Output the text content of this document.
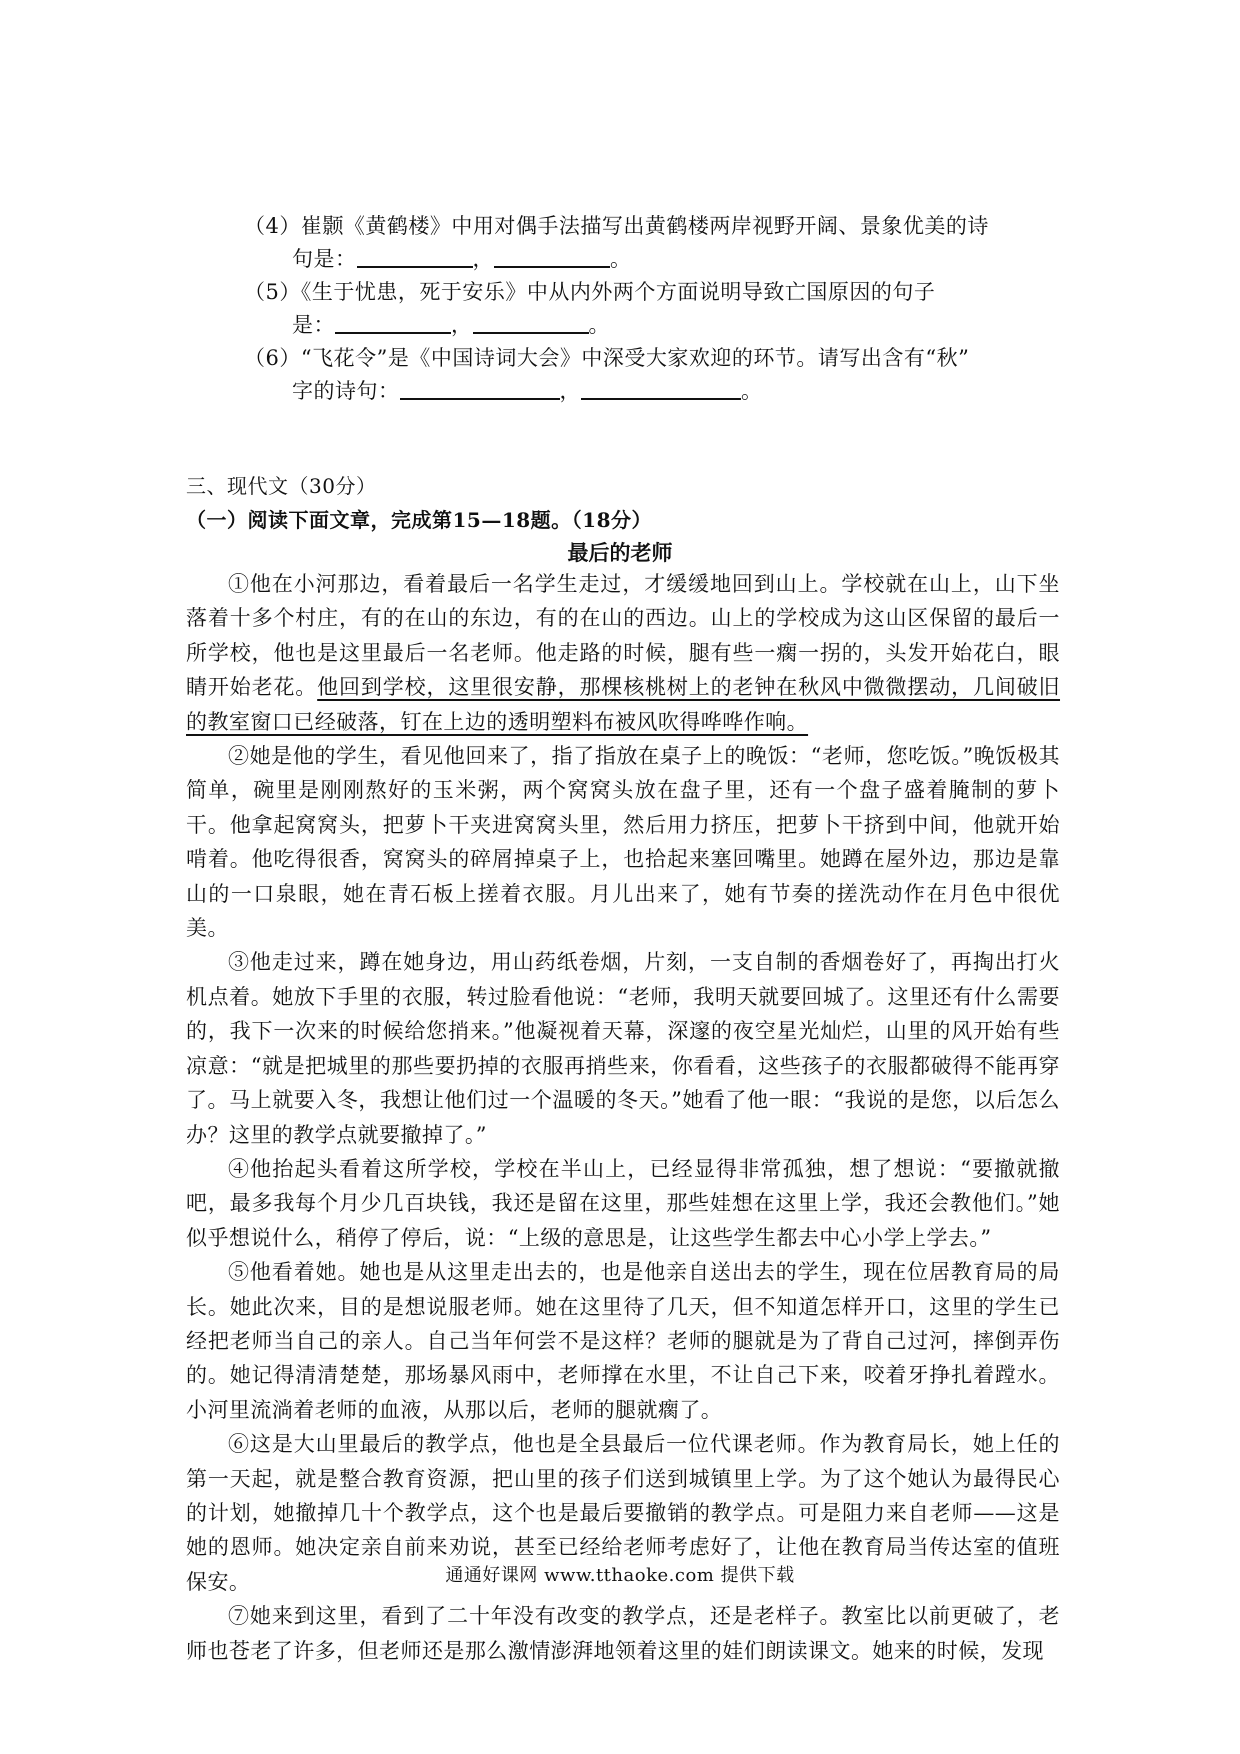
（4）崔颢《黄鹤楼》中用对偶手法描写出黄鹤楼两岸视野开阔、景象优美的诗
句是：	，	。
（5）《生于忧患，死于安乐》中从内外两个方面说明导致亡国原因的句子
是：	，	。
（6）“飞花令”是《中国诗词大会》中深受大家欢迎的环节。请写出含有“秋”
字的诗句：	，	。
三、现代文（30分）
（一）阅读下面文章，完成第15—18题。（18分）
最后的老师

①他在小河那边，看着最后一名学生走过，才缓缓地回到山上。学校就在山上，山下坐落着十多个村庄，有的在山的东边，有的在山的西边。山上的学校成为这山区保留的最后一所学校，他也是这里最后一名老师。他走路的时候，腿有些一瘸一拐的，头发开始花白，眼睛开始老花。他回到学校，这里很安静，那棵核桃树上的老钟在秋风中微微摆动，几间破旧的教室窗口已经破落，钉在上边的透明塑料布被风吹得哗哗作响。

②她是他的学生，看见他回来了，指了指放在桌子上的晚饭：“老师，您吃饭。”晚饭极其简单，碗里是刚刚熬好的玉米粥，两个窝窝头放在盘子里，还有一个盘子盛着腌制的萝卜干。他拿起窝窝头，把萝卜干夹进窝窝头里，然后用力挤压，把萝卜干挤到中间，他就开始啃着。他吃得很香，窝窝头的碎屑掉桌子上，也拾起来塞回嘴里。她蹲在屋外边，那边是靠山的一口泉眼，她在青石板上搓着衣服。月儿出来了，她有节奏的搓洗动作在月色中很优美。

③他走过来，蹲在她身边，用山药纸卷烟，片刻，一支自制的香烟卷好了，再掏出打火机点着。她放下手里的衣服，转过脸看他说：“老师，我明天就要回城了。这里还有什么需要的，我下一次来的时候给您捎来。”他凝视着天幕，深邃的夜空星光灿烂，山里的风开始有些凉意：“就是把城里的那些要扔掉的衣服再捎些来，你看看，这些孩子的衣服都破得不能再穿了。马上就要入冬，我想让他们过一个温暖的冬天。”她看了他一眼：“我说的是您，以后怎么办？这里的教学点就要撤掉了。”

④他抬起头看着这所学校，学校在半山上，已经显得非常孤独，想了想说：“要撤就撤吧，最多我每个月少几百块钱，我还是留在这里，那些娃想在这里上学，我还会教他们。”她似乎想说什么，稍停了停后，说：“上级的意思是，让这些学生都去中心小学上学去。”

⑤他看着她。她也是从这里走出去的，也是他亲自送出去的学生，现在位居教育局的局长。她此次来，目的是想说服老师。她在这里待了几天，但不知道怎样开口，这里的学生已经把老师当自己的亲人。自己当年何尝不是这样？老师的腿就是为了背自己过河，摔倒弄伤的。她记得清清楚楚，那场暴风雨中，老师撑在水里，不让自己下来，咬着牙挣扎着蹚水。小河里流淌着老师的血液，从那以后，老师的腿就瘸了。

⑥这是大山里最后的教学点，他也是全县最后一位代课老师。作为教育局长，她上任的第一天起，就是整合教育资源，把山里的孩子们送到城镇里上学。为了这个她认为最得民心的计划，她撤掉几十个教学点，这个也是最后要撤销的教学点。可是阻力来自老师——这是她的恩师。她决定亲自前来劝说，甚至已经给老师考虑好了，让他在教育局当传达室的值班保安。

⑦她来到这里，看到了二十年没有改变的教学点，还是老样子。教室比以前更破了，老师也苍老了许多，但老师还是那么激情澎湃地领着这里的娃们朗读课文。她来的时候，发现

通通好课网 www.tthaoke.com 提供下载
